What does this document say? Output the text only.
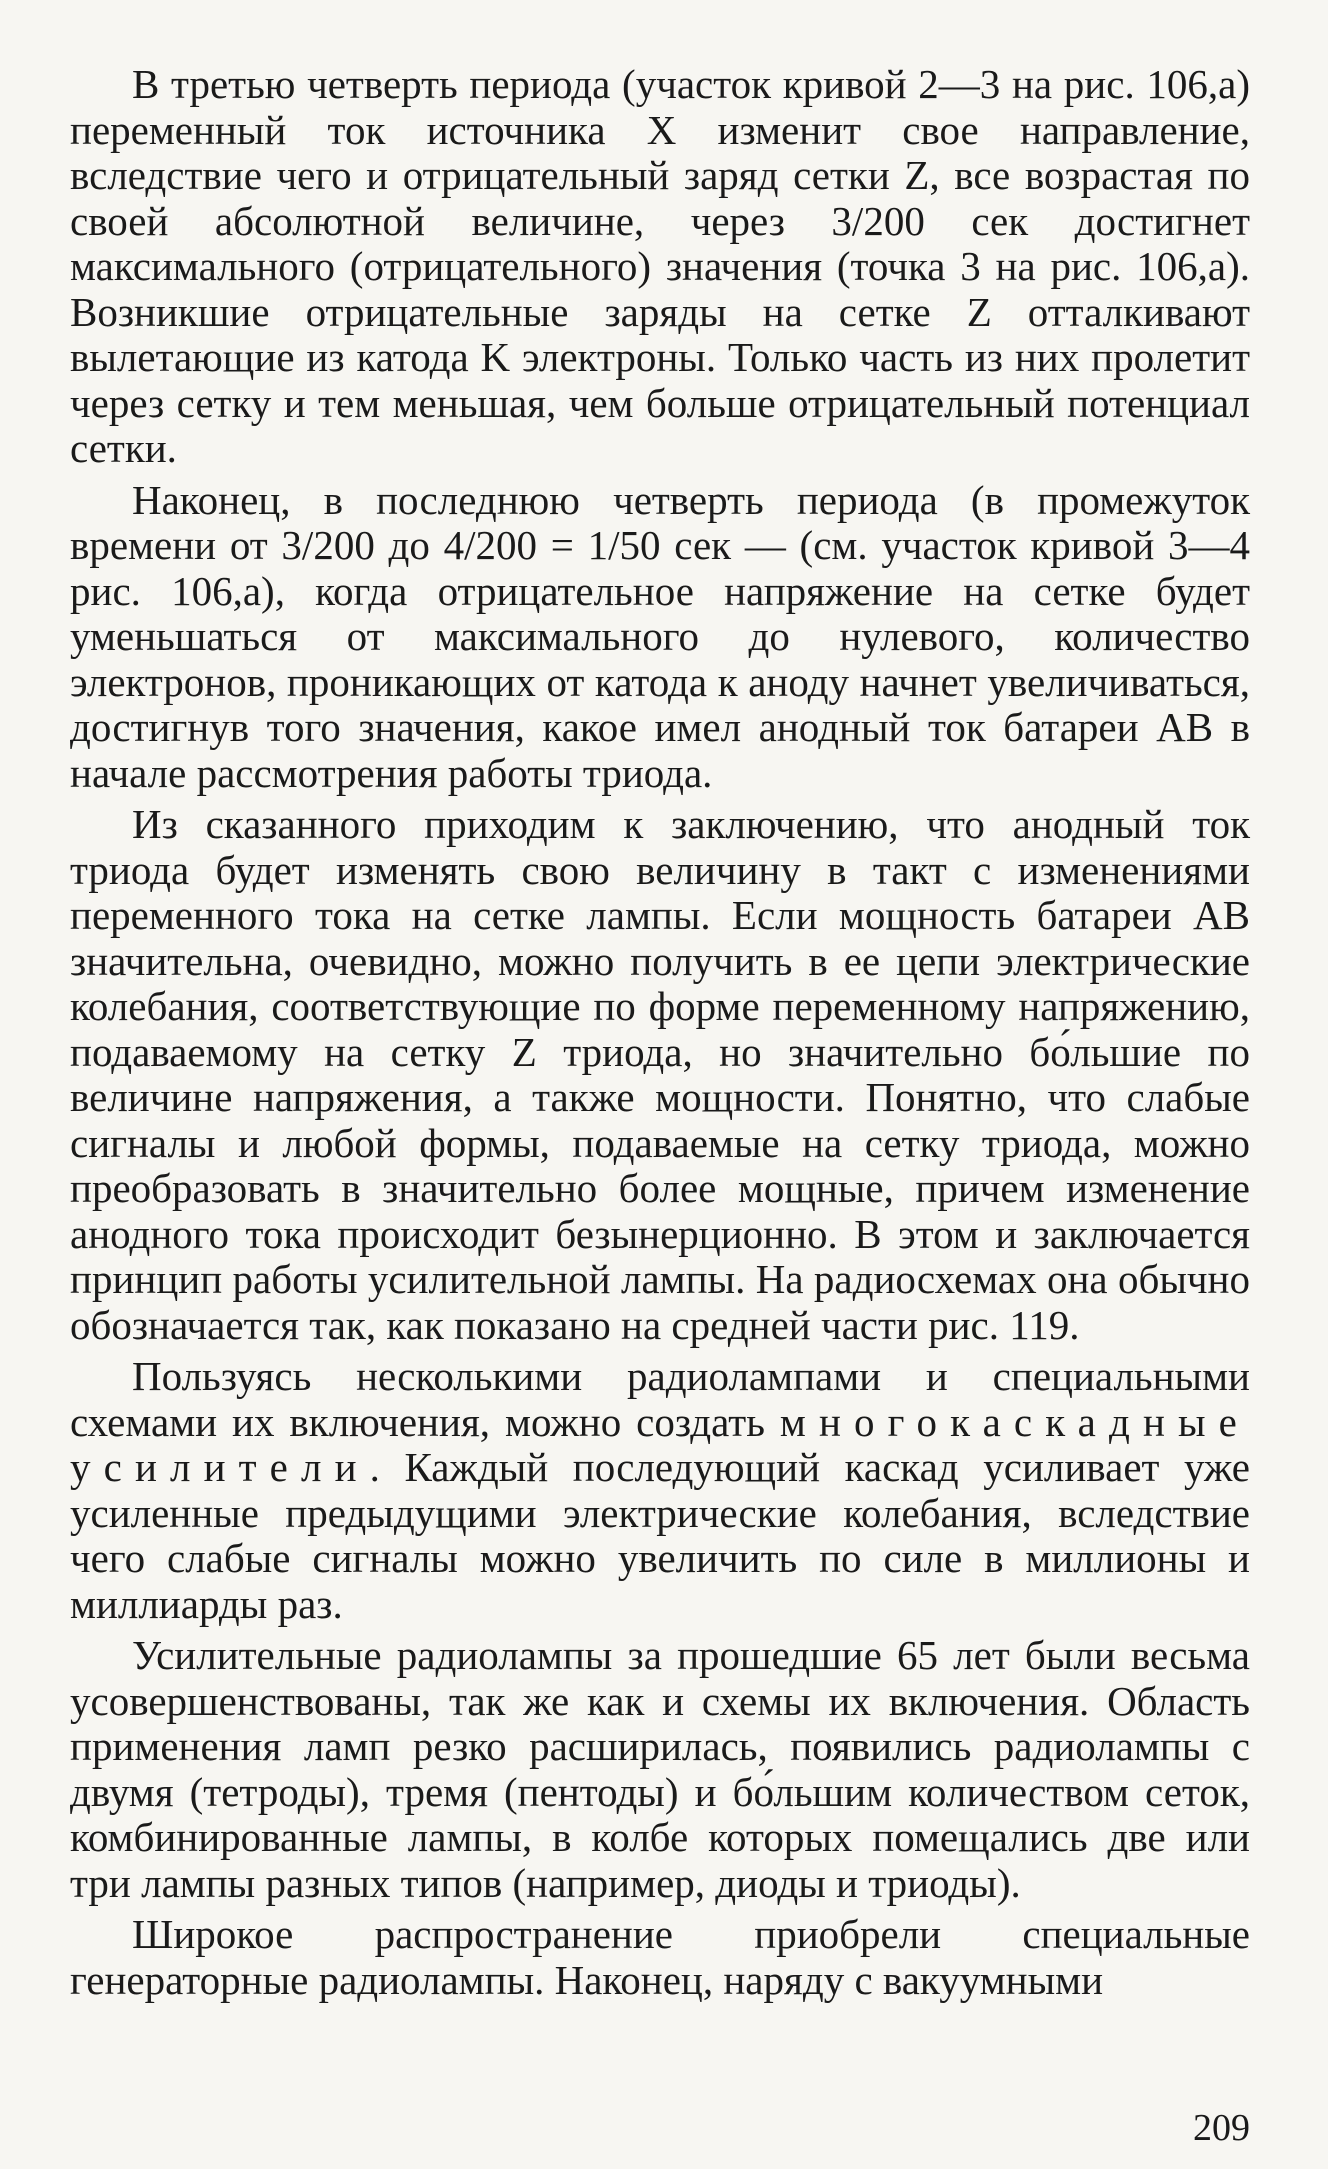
В третью четверть периода (участок кривой 2—3 на рис. 106,а) переменный ток источника X изменит свое направление, вследствие чего и отрицательный заряд сетки Z, все возрастая по своей абсолютной величине, через 3/200 сек достигнет максимального (отрицательного) значения (точка 3 на рис. 106,а). Возникшие отрицательные заряды на сетке Z отталкивают вылетающие из катода K электроны. Только часть из них пролетит через сетку и тем меньшая, чем больше отрицательный потенциал сетки.

Наконец, в последнюю четверть периода (в промежуток времени от 3/200 до 4/200 = 1/50 сек — (см. участок кривой 3—4 рис. 106,а), когда отрицательное напряжение на сетке будет уменьшаться от максимального до нулевого, количество электронов, проникающих от катода к аноду начнет увеличиваться, достигнув того значения, какое имел анодный ток батареи AB в начале рассмотрения работы триода.

Из сказанного приходим к заключению, что анодный ток триода будет изменять свою величину в такт с изменениями переменного тока на сетке лампы. Если мощность батареи AB значительна, очевидно, можно получить в ее цепи электрические колебания, соответствующие по форме переменному напряжению, подаваемому на сетку Z триода, но значительно бо́льшие по величине напряжения, а также мощности. Понятно, что слабые сигналы и любой формы, подаваемые на сетку триода, можно преобразовать в значительно более мощные, причем изменение анодного тока происходит безынерционно. В этом и заключается принцип работы усилительной лампы. На радиосхемах она обычно обозначается так, как показано на средней части рис. 119.

Пользуясь несколькими радиолампами и специальными схемами их включения, можно создать многокаскадные усилители. Каждый последующий каскад усиливает уже усиленные предыдущими электрические колебания, вследствие чего слабые сигналы можно увеличить по силе в миллионы и миллиарды раз.

Усилительные радиолампы за прошедшие 65 лет были весьма усовершенствованы, так же как и схемы их включения. Область применения ламп резко расширилась, появились радиолампы с двумя (тетроды), тремя (пентоды) и бо́льшим количеством сеток, комбинированные лампы, в колбе которых помещались две или три лампы разных типов (например, диоды и триоды).

Широкое распространение приобрели специальные генераторные радиолампы. Наконец, наряду с вакуумными

209
